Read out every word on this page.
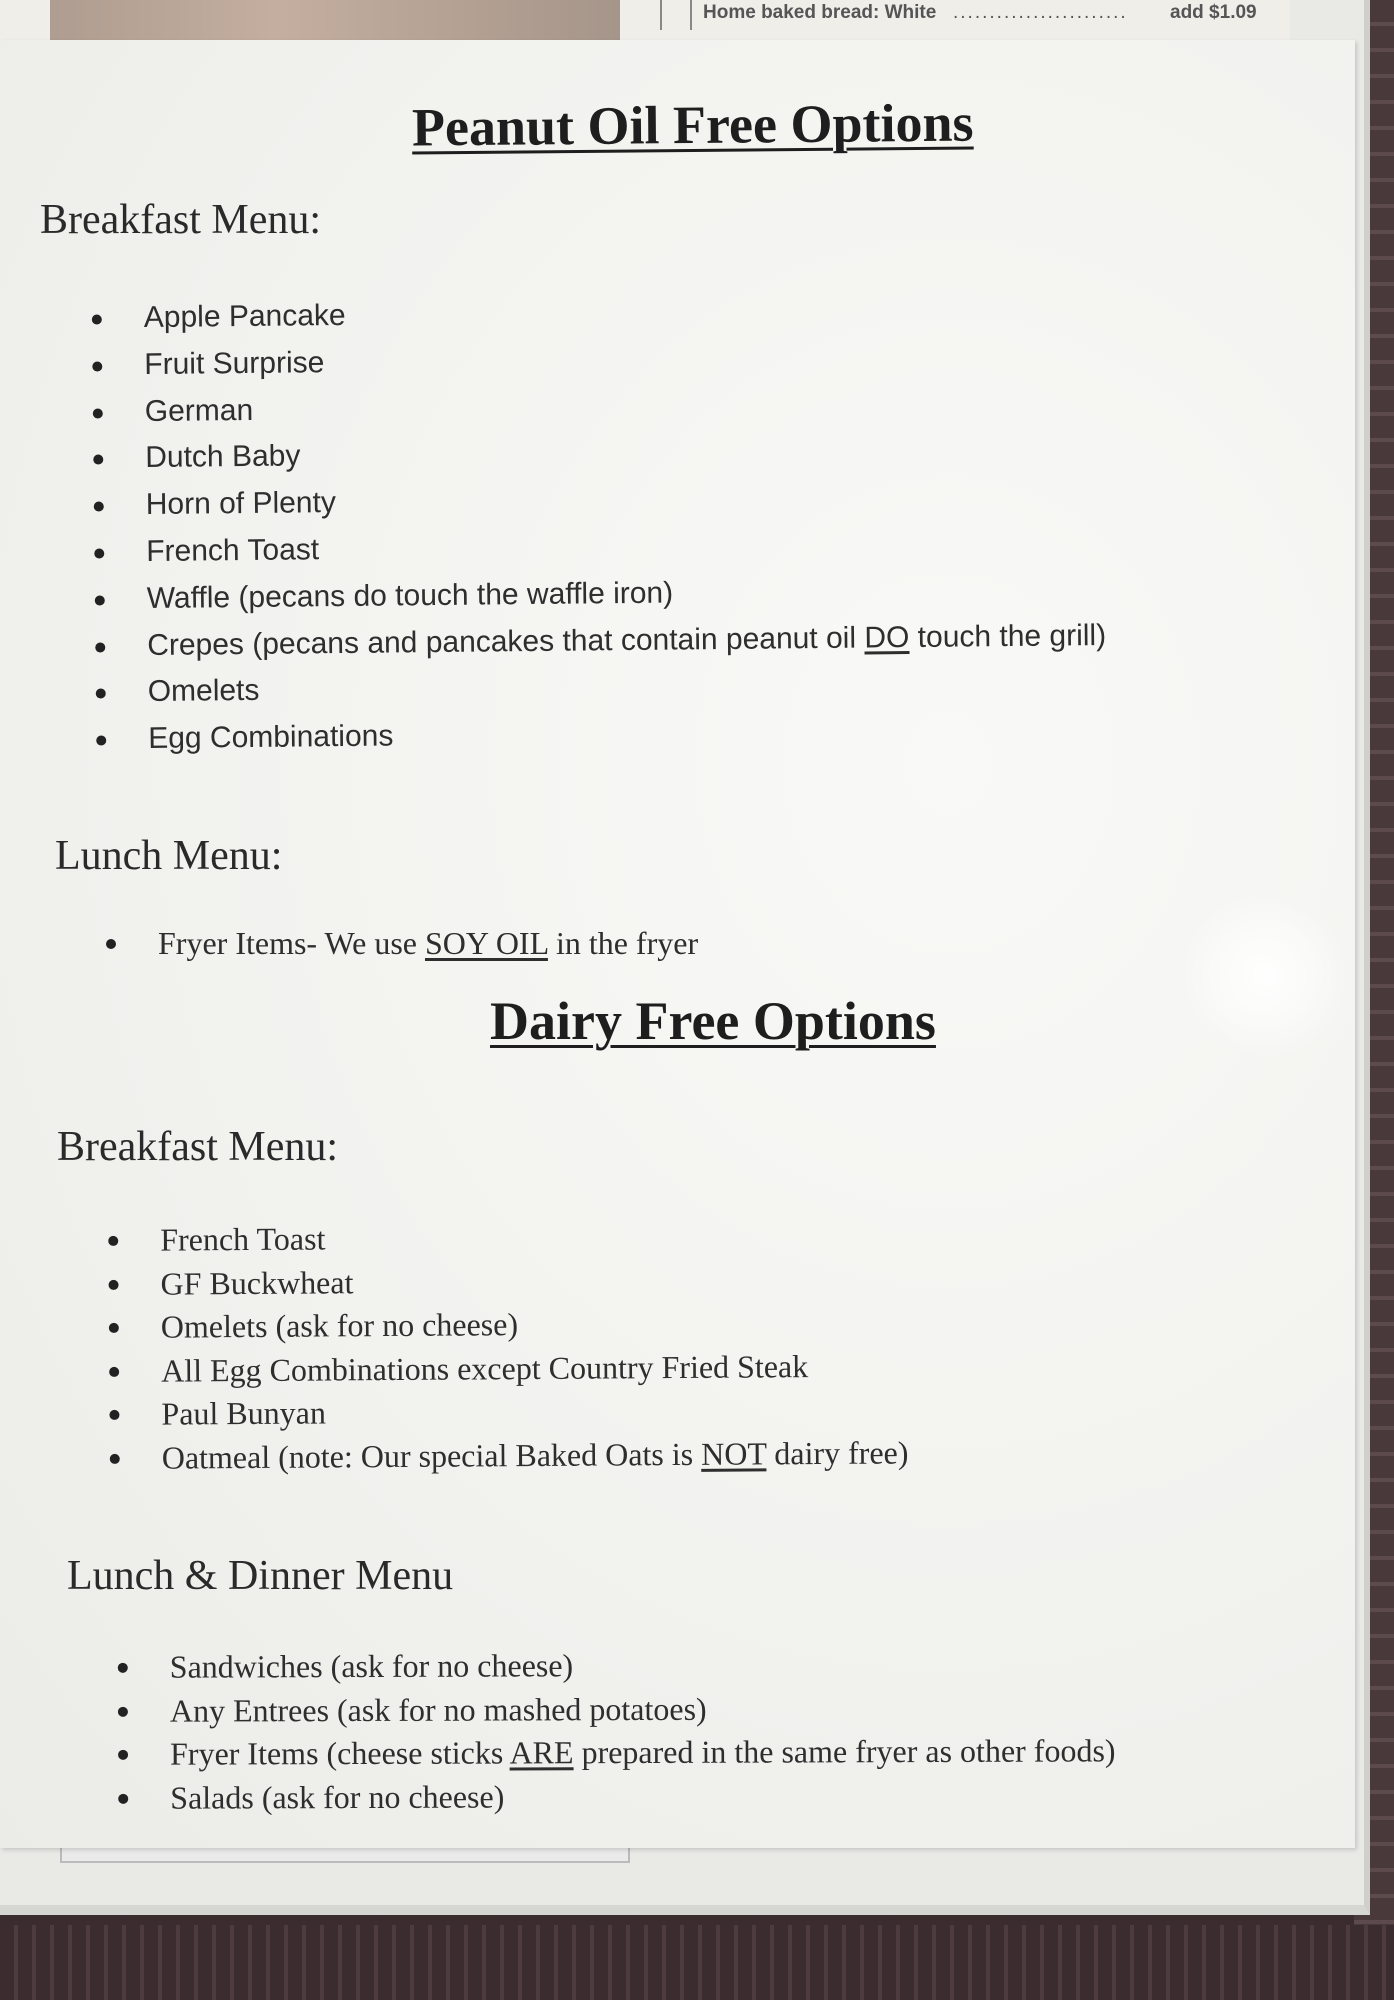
Home baked bread: White ........................ add $1.09
Peanut Oil Free Options
Breakfast Menu:
Apple Pancake
Fruit Surprise
German
Dutch Baby
Horn of Plenty
French Toast
Waffle (pecans do touch the waffle iron)
Crepes (pecans and pancakes that contain peanut oil DO touch the grill)
Omelets
Egg Combinations
Lunch Menu:
Fryer Items- We use SOY OIL in the fryer
Dairy Free Options
Breakfast Menu:
French Toast
GF Buckwheat
Omelets (ask for no cheese)
All Egg Combinations except Country Fried Steak
Paul Bunyan
Oatmeal (note: Our special Baked Oats is NOT dairy free)
Lunch & Dinner Menu
Sandwiches (ask for no cheese)
Any Entrees (ask for no mashed potatoes)
Fryer Items (cheese sticks ARE prepared in the same fryer as other foods)
Salads (ask for no cheese)
